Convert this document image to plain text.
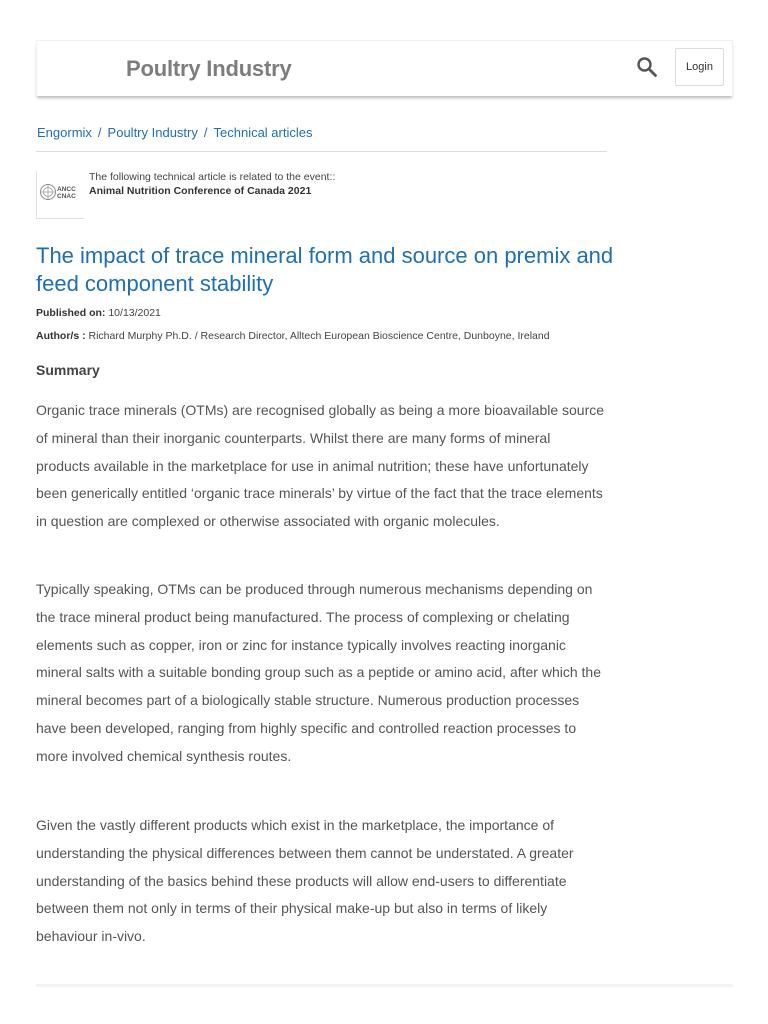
Poultry Industry	Login
Engormix / Poultry Industry / Technical articles
ANCC
CNAC
The following technical article is related to the event::
Animal Nutrition Conference of Canada 2021
The impact of trace mineral form and source on premix and feed component stability
Published on: 10/13/2021
Author/s : Richard Murphy Ph.D. / Research Director, Alltech European Bioscience Centre, Dunboyne, Ireland
Summary

Organic trace minerals (OTMs) are recognised globally as being a more bioavailable source of mineral than their inorganic counterparts. Whilst there are many forms of mineral products available in the marketplace for use in animal nutrition; these have unfortunately been generically entitled ‘organic trace minerals’ by virtue of the fact that the trace elements in question are complexed or otherwise associated with organic molecules.

Typically speaking, OTMs can be produced through numerous mechanisms depending on the trace mineral product being manufactured. The process of complexing or chelating elements such as copper, iron or zinc for instance typically involves reacting inorganic mineral salts with a suitable bonding group such as a peptide or amino acid, after which the mineral becomes part of a biologically stable structure. Numerous production processes have been developed, ranging from highly specific and controlled reaction processes to more involved chemical synthesis routes.

Given the vastly different products which exist in the marketplace, the importance of understanding the physical differences between them cannot be understated. A greater understanding of the basics behind these products will allow end-users to differentiate between them not only in terms of their physical make-up but also in terms of likely behaviour in-vivo.
